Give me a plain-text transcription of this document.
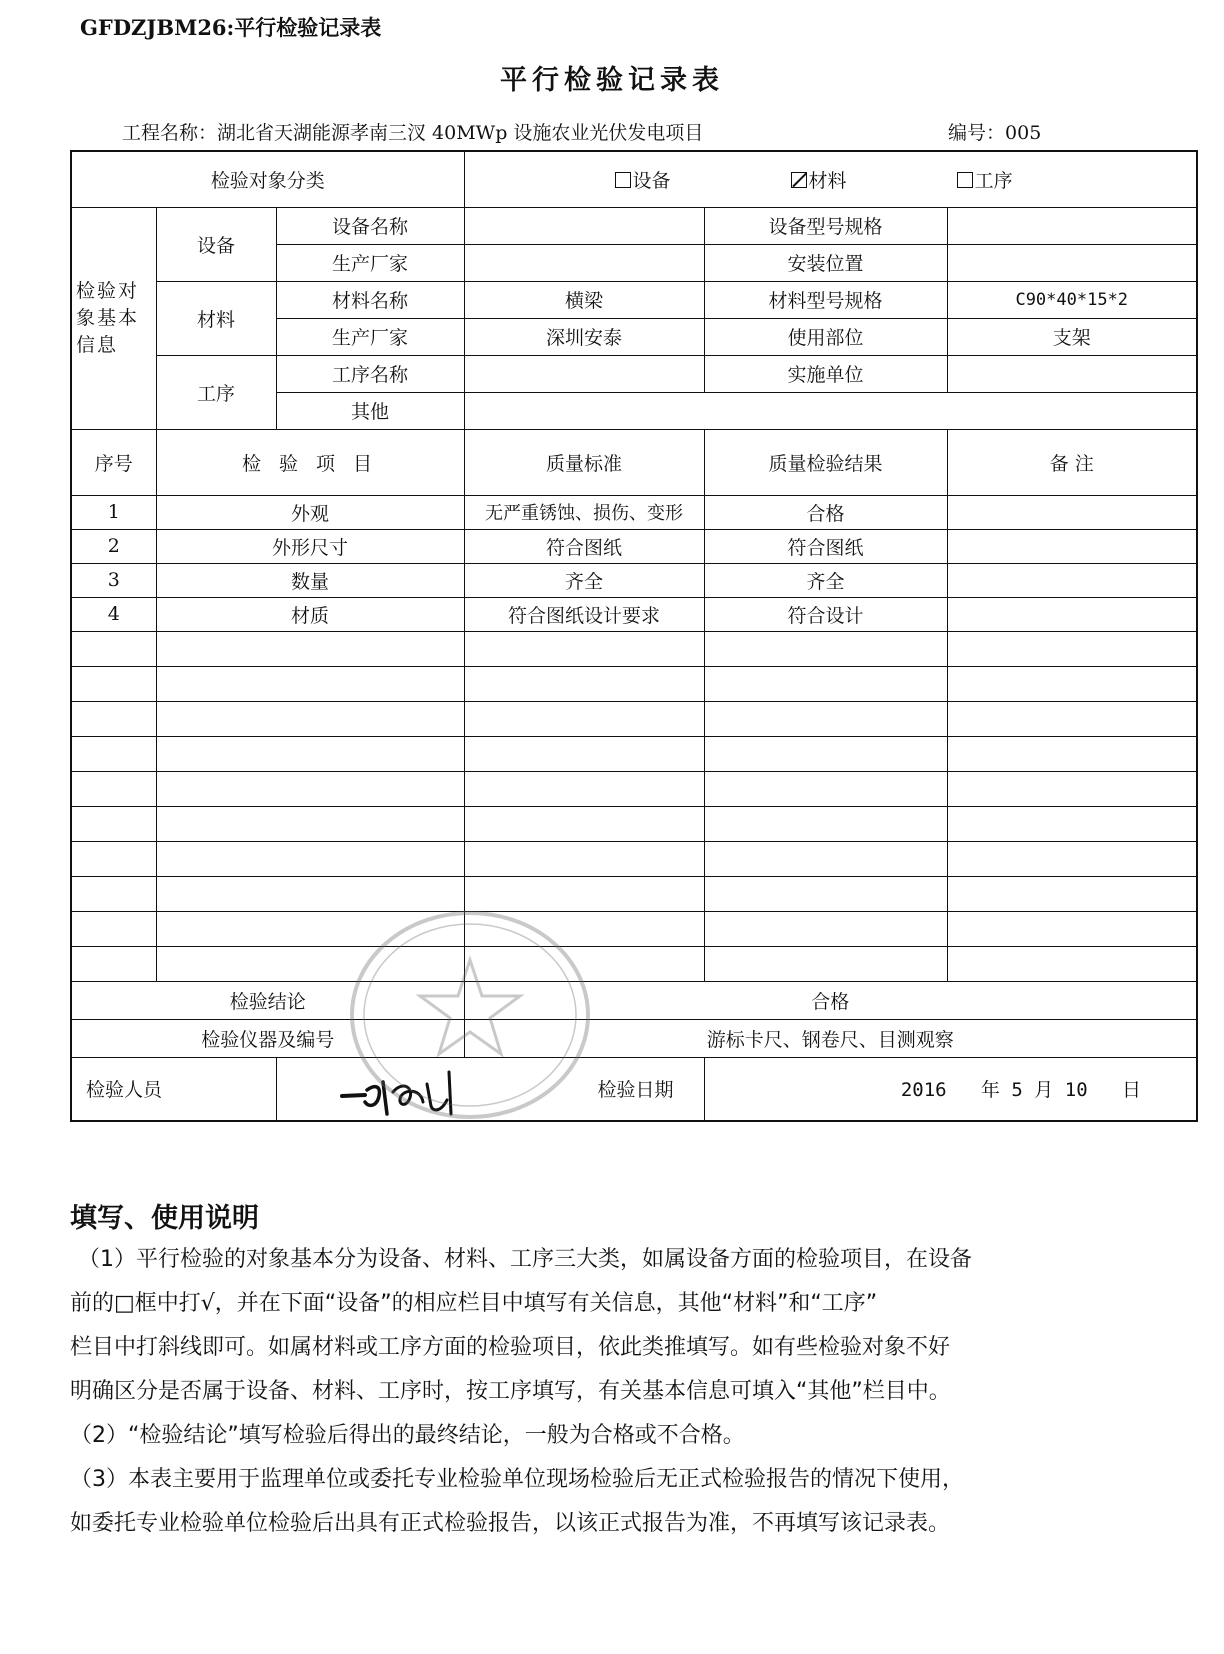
GFDZJBM26:平行检验记录表
平行检验记录表
工程名称：湖北省天湖能源孝南三汊 40MWp 设施农业光伏发电项目	编号：005
检验对象分类			设备 材料 工序		
检验对象基本信息	设备	设备名称		设备型号规格	
		生产厂家		安装位置	
	材料	材料名称	横梁	材料型号规格	C90*40*15*2
		生产厂家	深圳安泰	使用部位	支架
	工序	工序名称		实施单位	
		其他			
序号	检 验 项 目		质量标准	质量检验结果	备 注
1	外观		无严重锈蚀、损伤、变形	合格	
2	外形尺寸		符合图纸	符合图纸	
3	数量		齐全	齐全	
4	材质		符合图纸设计要求	符合设计	

检验结论			合格		
检验仪器及编号			游标卡尺、钢卷尺、目测观察		
检验人员		检验日期		2016 年 5 月 10 日	
填写、使用说明

（1）平行检验的对象基本分为设备、材料、工序三大类，如属设备方面的检验项目，在设备

前的□框中打√，并在下面“设备”的相应栏目中填写有关信息，其他“材料”和“工序”

栏目中打斜线即可。如属材料或工序方面的检验项目，依此类推填写。如有些检验对象不好

明确区分是否属于设备、材料、工序时，按工序填写，有关基本信息可填入“其他”栏目中。

（2）“检验结论”填写检验后得出的最终结论，一般为合格或不合格。

（3）本表主要用于监理单位或委托专业检验单位现场检验后无正式检验报告的情况下使用，

如委托专业检验单位检验后出具有正式检验报告，以该正式报告为准，不再填写该记录表。
